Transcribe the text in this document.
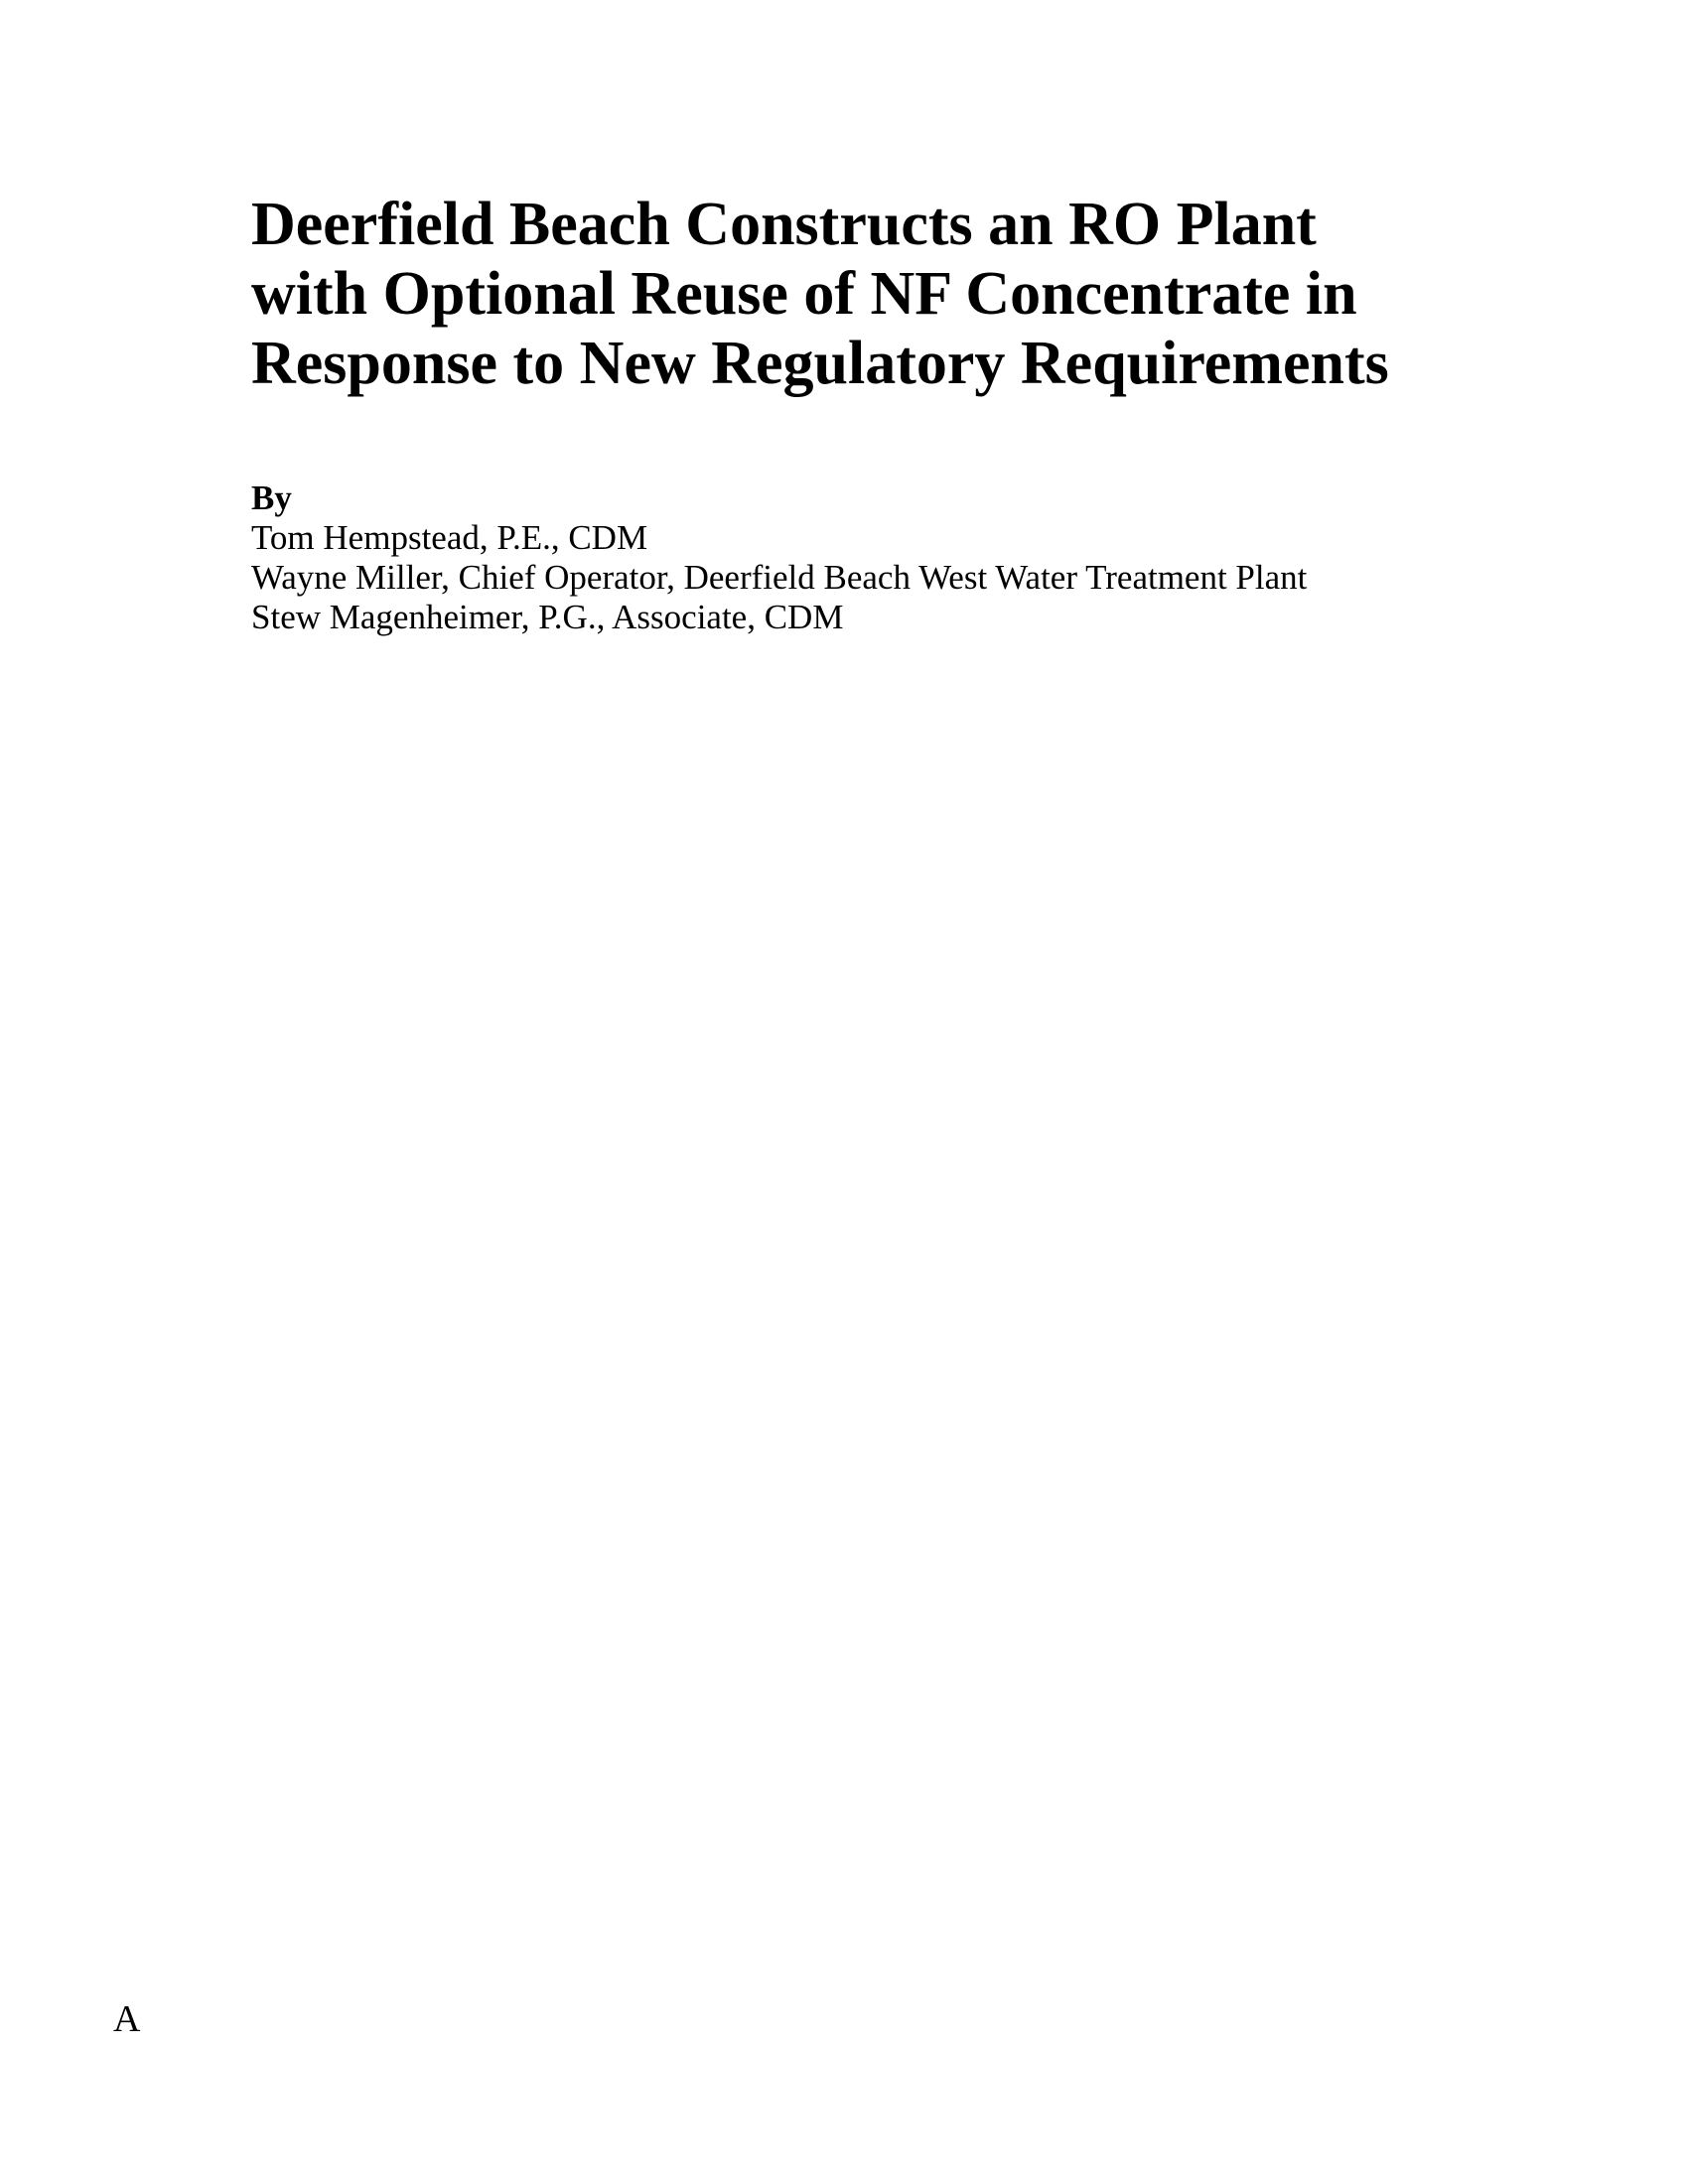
Deerfield Beach Constructs an RO Plant
with Optional Reuse of NF Concentrate in
Response to New Regulatory Requirements
By
Tom Hempstead, P.E., CDM
Wayne Miller, Chief Operator, Deerfield Beach West Water Treatment Plant
Stew Magenheimer, P.G., Associate, CDM
A
